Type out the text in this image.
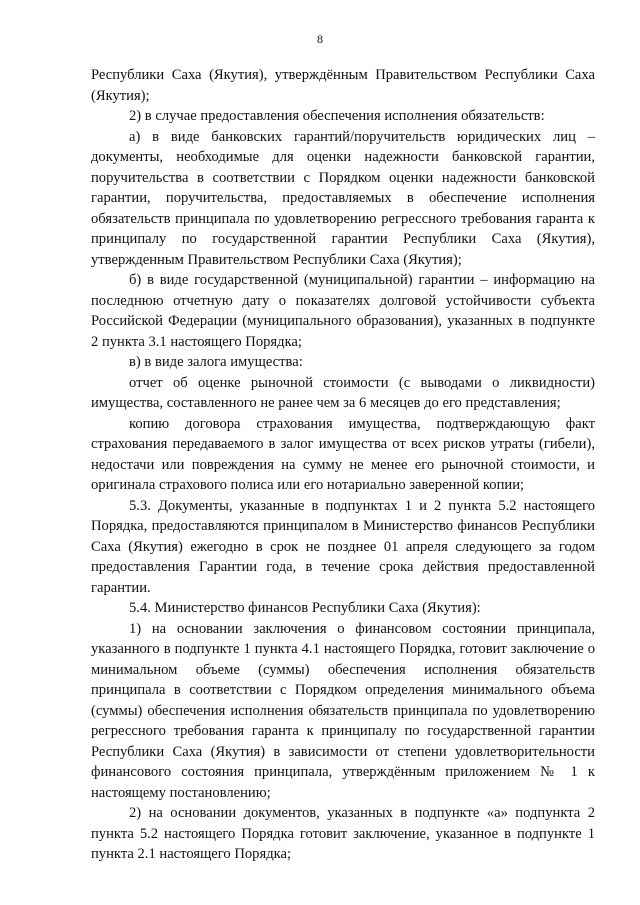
8

Республики Саха (Якутия), утверждённым Правительством Республики Саха (Якутия);

2) в случае предоставления обеспечения исполнения обязательств:

а) в виде банковских гарантий/поручительств юридических лиц – документы, необходимые для оценки надежности банковской гарантии, поручительства в соответствии с Порядком оценки надежности банковской гарантии, поручительства, предоставляемых в обеспечение исполнения обязательств принципала по удовлетворению регрессного требования гаранта к принципалу по государственной гарантии Республики Саха (Якутия), утвержденным Правительством Республики Саха (Якутия);

б) в виде государственной (муниципальной) гарантии – информацию на последнюю отчетную дату о показателях долговой устойчивости субъекта Российской Федерации (муниципального образования), указанных в подпункте 2 пункта 3.1 настоящего Порядка;

в) в виде залога имущества:

отчет об оценке рыночной стоимости (с выводами о ликвидности) имущества, составленного не ранее чем за 6 месяцев до его представления;

копию договора страхования имущества, подтверждающую факт страхования передаваемого в залог имущества от всех рисков утраты (гибели), недостачи или повреждения на сумму не менее его рыночной стоимости, и оригинала страхового полиса или его нотариально заверенной копии;

5.3. Документы, указанные в подпунктах 1 и 2 пункта 5.2 настоящего Порядка, предоставляются принципалом в Министерство финансов Республики Саха (Якутия) ежегодно в срок не позднее 01 апреля следующего за годом предоставления Гарантии года, в течение срока действия предоставленной гарантии.

5.4. Министерство финансов Республики Саха (Якутия):

1) на основании заключения о финансовом состоянии принципала, указанного в подпункте 1 пункта 4.1 настоящего Порядка, готовит заключение о минимальном объеме (суммы) обеспечения исполнения обязательств принципала в соответствии с Порядком определения минимального объема (суммы) обеспечения исполнения обязательств принципала по удовлетворению регрессного требования гаранта к принципалу по государственной гарантии Республики Саха (Якутия) в зависимости от степени удовлетворительности финансового состояния принципала, утверждённым приложением № 1 к настоящему постановлению;

2) на основании документов, указанных в подпункте «а» подпункта 2 пункта 5.2 настоящего Порядка готовит заключение, указанное в подпункте 1 пункта 2.1 настоящего Порядка;
